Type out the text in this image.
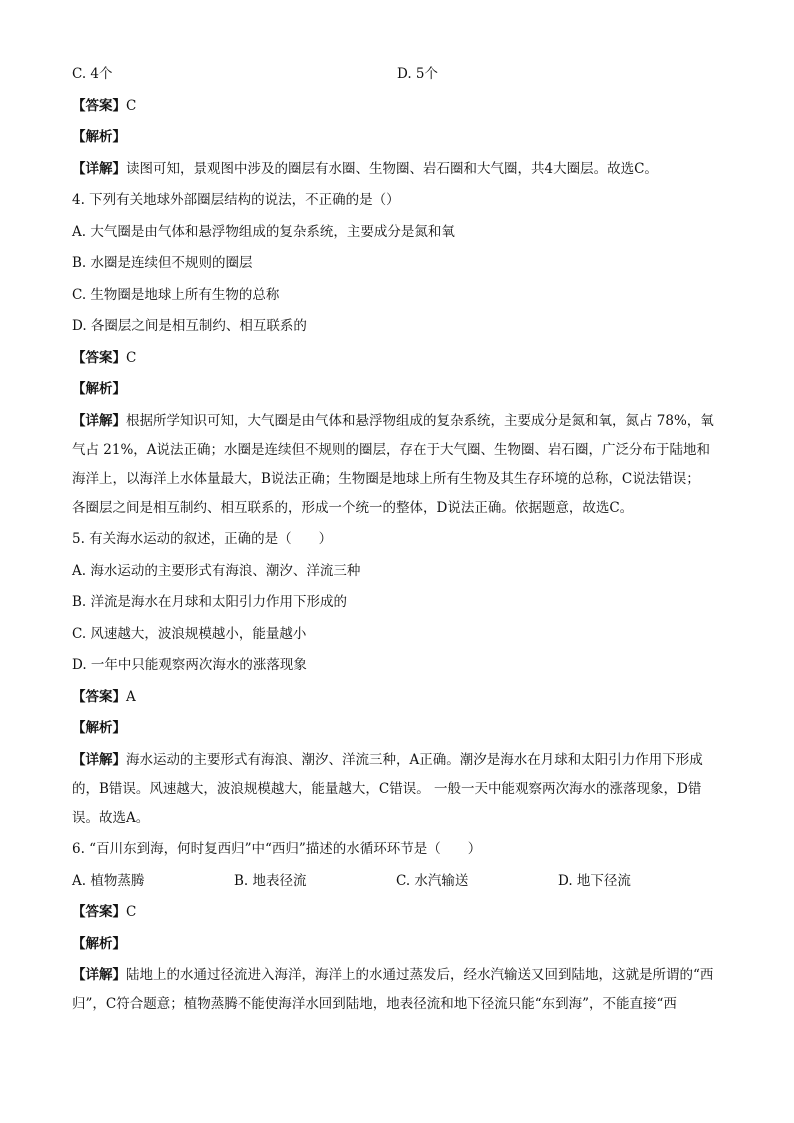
C. 4个	D. 5个
【答案】C
【解析】
【详解】读图可知，景观图中涉及的圈层有水圈、生物圈、岩石圈和大气圈，共4大圈层。故选C。
4. 下列有关地球外部圈层结构的说法，不正确的是（）
A. 大气圈是由气体和悬浮物组成的复杂系统，主要成分是氮和氧
B. 水圈是连续但不规则的圈层
C. 生物圈是地球上所有生物的总称
D. 各圈层之间是相互制约、相互联系的
【答案】C
【解析】
【详解】根据所学知识可知，大气圈是由气体和悬浮物组成的复杂系统，主要成分是氮和氧，氮占 78%，氧
气占 21%，A说法正确；水圈是连续但不规则的圈层，存在于大气圈、生物圈、岩石圈，广泛分布于陆地和
海洋上，以海洋上水体量最大，B说法正确；生物圈是地球上所有生物及其生存环境的总称，C说法错误；
各圈层之间是相互制约、相互联系的，形成一个统一的整体，D说法正确。依据题意，故选C。
5. 有关海水运动的叙述，正确的是（　　）
A. 海水运动的主要形式有海浪、潮汐、洋流三种
B. 洋流是海水在月球和太阳引力作用下形成的
C. 风速越大，波浪规模越小，能量越小
D. 一年中只能观察两次海水的涨落现象
【答案】A
【解析】
【详解】海水运动的主要形式有海浪、潮汐、洋流三种，A正确。潮汐是海水在月球和太阳引力作用下形成
的，B错误。风速越大，波浪规模越大，能量越大，C错误。 一般一天中能观察两次海水的涨落现象，D错
误。故选A。
6. “百川东到海，何时复西归”中“西归”描述的水循环环节是（　　）
A. 植物蒸腾	B. 地表径流	C. 水汽输送	D. 地下径流
【答案】C
【解析】
【详解】陆地上的水通过径流进入海洋，海洋上的水通过蒸发后，经水汽输送又回到陆地，这就是所谓的“西
归”，C符合题意；植物蒸腾不能使海洋水回到陆地，地表径流和地下径流只能“东到海”，不能直接“西
